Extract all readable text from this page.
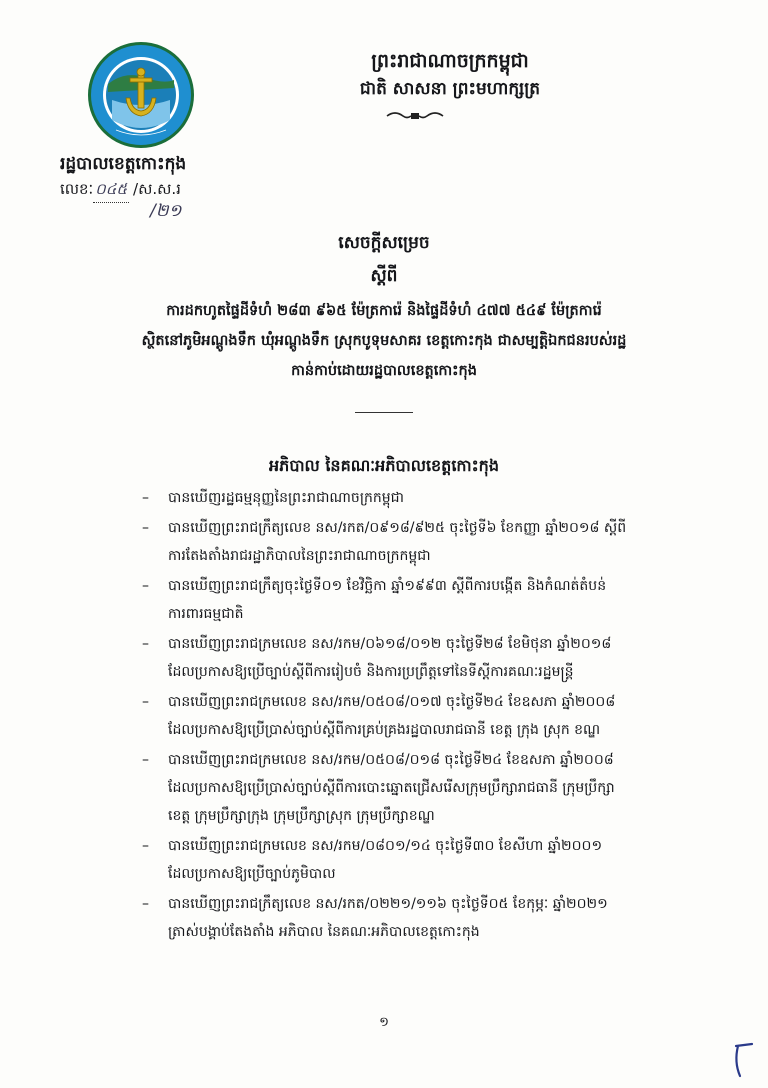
ព្រះរាជាណាចក្រកម្ពុជា
ជាតិ សាសនា ព្រះមហាក្សត្រ
រដ្ឋបាលខេត្តកោះកុង
លេខៈ ០៤៥ /ស.ស.រ
/២១
សេចក្តីសម្រេច
ស្តីពី
ការដកហូតផ្ទៃដីទំហំ ២៨៣ ៩៦៥ ម៉ែត្រការ៉េ និងផ្ទៃដីទំហំ ៤៧៧ ៥៤៩ ម៉ែត្រការ៉េ
ស្ថិតនៅភូមិអណ្តូងទឹក ឃុំអណ្តូងទឹក ស្រុកបូទុមសាគរ ខេត្តកោះកុង ជាសម្បត្តិឯកជនរបស់រដ្ឋ
កាន់កាប់ដោយរដ្ឋបាលខេត្តកោះកុង
អភិបាល នៃគណៈអភិបាលខេត្តកោះកុង
– បានឃើញរដ្ឋធម្មនុញ្ញនៃព្រះរាជាណាចក្រកម្ពុជា
– បានឃើញព្រះរាជក្រឹត្យលេខ នស/រកត/០៩១៨/៩២៥ ចុះថ្ងៃទី៦ ខែកញ្ញា ឆ្នាំ២០១៨ ស្តីពី
ការតែងតាំងរាជរដ្ឋាភិបាលនៃព្រះរាជាណាចក្រកម្ពុជា
– បានឃើញព្រះរាជក្រឹត្យចុះថ្ងៃទី០១ ខែវិច្ឆិកា ឆ្នាំ១៩៩៣ ស្តីពីការបង្កើត និងកំណត់តំបន់
ការពារធម្មជាតិ
– បានឃើញព្រះរាជក្រមលេខ នស/រកម/០៦១៨/០១២ ចុះថ្ងៃទី២៨ ខែមិថុនា ឆ្នាំ២០១៨
ដែលប្រកាសឱ្យប្រើច្បាប់ស្តីពីការរៀបចំ និងការប្រព្រឹត្តទៅនៃទីស្តីការគណៈរដ្ឋមន្ត្រី
– បានឃើញព្រះរាជក្រមលេខ នស/រកម/០៥០៨/០១៧ ចុះថ្ងៃទី២៤ ខែឧសភា ឆ្នាំ២០០៨
ដែលប្រកាសឱ្យប្រើប្រាស់ច្បាប់ស្តីពីការគ្រប់គ្រងរដ្ឋបាលរាជធានី ខេត្ត ក្រុង ស្រុក ខណ្ឌ
– បានឃើញព្រះរាជក្រមលេខ នស/រកម/០៥០៨/០១៨ ចុះថ្ងៃទី២៤ ខែឧសភា ឆ្នាំ២០០៨
ដែលប្រកាសឱ្យប្រើប្រាស់ច្បាប់ស្តីពីការបោះឆ្នោតជ្រើសរើសក្រុមប្រឹក្សារាជធានី ក្រុមប្រឹក្សា
ខេត្ត ក្រុមប្រឹក្សាក្រុង ក្រុមប្រឹក្សាស្រុក ក្រុមប្រឹក្សាខណ្ឌ
– បានឃើញព្រះរាជក្រមលេខ នស/រកម/០៨០១/១៤ ចុះថ្ងៃទី៣០ ខែសីហា ឆ្នាំ២០០១
ដែលប្រកាសឱ្យប្រើច្បាប់ភូមិបាល
– បានឃើញព្រះរាជក្រឹត្យលេខ នស/រកត/០២២១/១១៦ ចុះថ្ងៃទី០៥ ខែកុម្ភៈ ឆ្នាំ២០២១
ត្រាស់បង្គាប់តែងតាំង អភិបាល នៃគណៈអភិបាលខេត្តកោះកុង
១
